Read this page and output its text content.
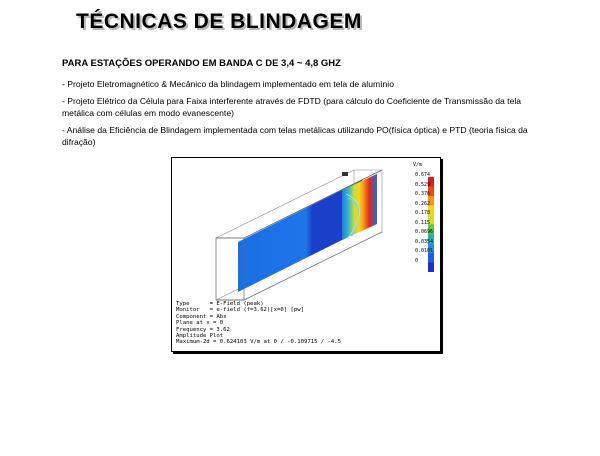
TÉCNICAS DE BLINDAGEM
PARA ESTAÇÕES OPERANDO EM BANDA C DE 3,4 ~ 4,8 GHZ

- Projeto Eletromagnético & Mecânico da blindagem implementado em tela de alumínio

- Projeto Elétrico da Célula para Faixa interferente através de FDTD (para cálculo do Coeficiente de Transmissão da tela metálica com células em modo evanescente)

- Análise da Eficiência de Blindagem implementada com telas metálicas utilizando PO(física óptica) e PTD (teoria física da difração)

V/m
0.674
0.529
0.376
0.262
0.178
0.115
0.0696
0.0354
0.0101
0
Type      = E-Field (peak)
Monitor   = e-field (f=3.62)[x=0] [pw]
Component = Abs
Plane at x = 0
Frequency = 3.62
Amplitude Plot
Maximum-2d = 0.624103 V/m at 0 / -0.109715 / -4.5
